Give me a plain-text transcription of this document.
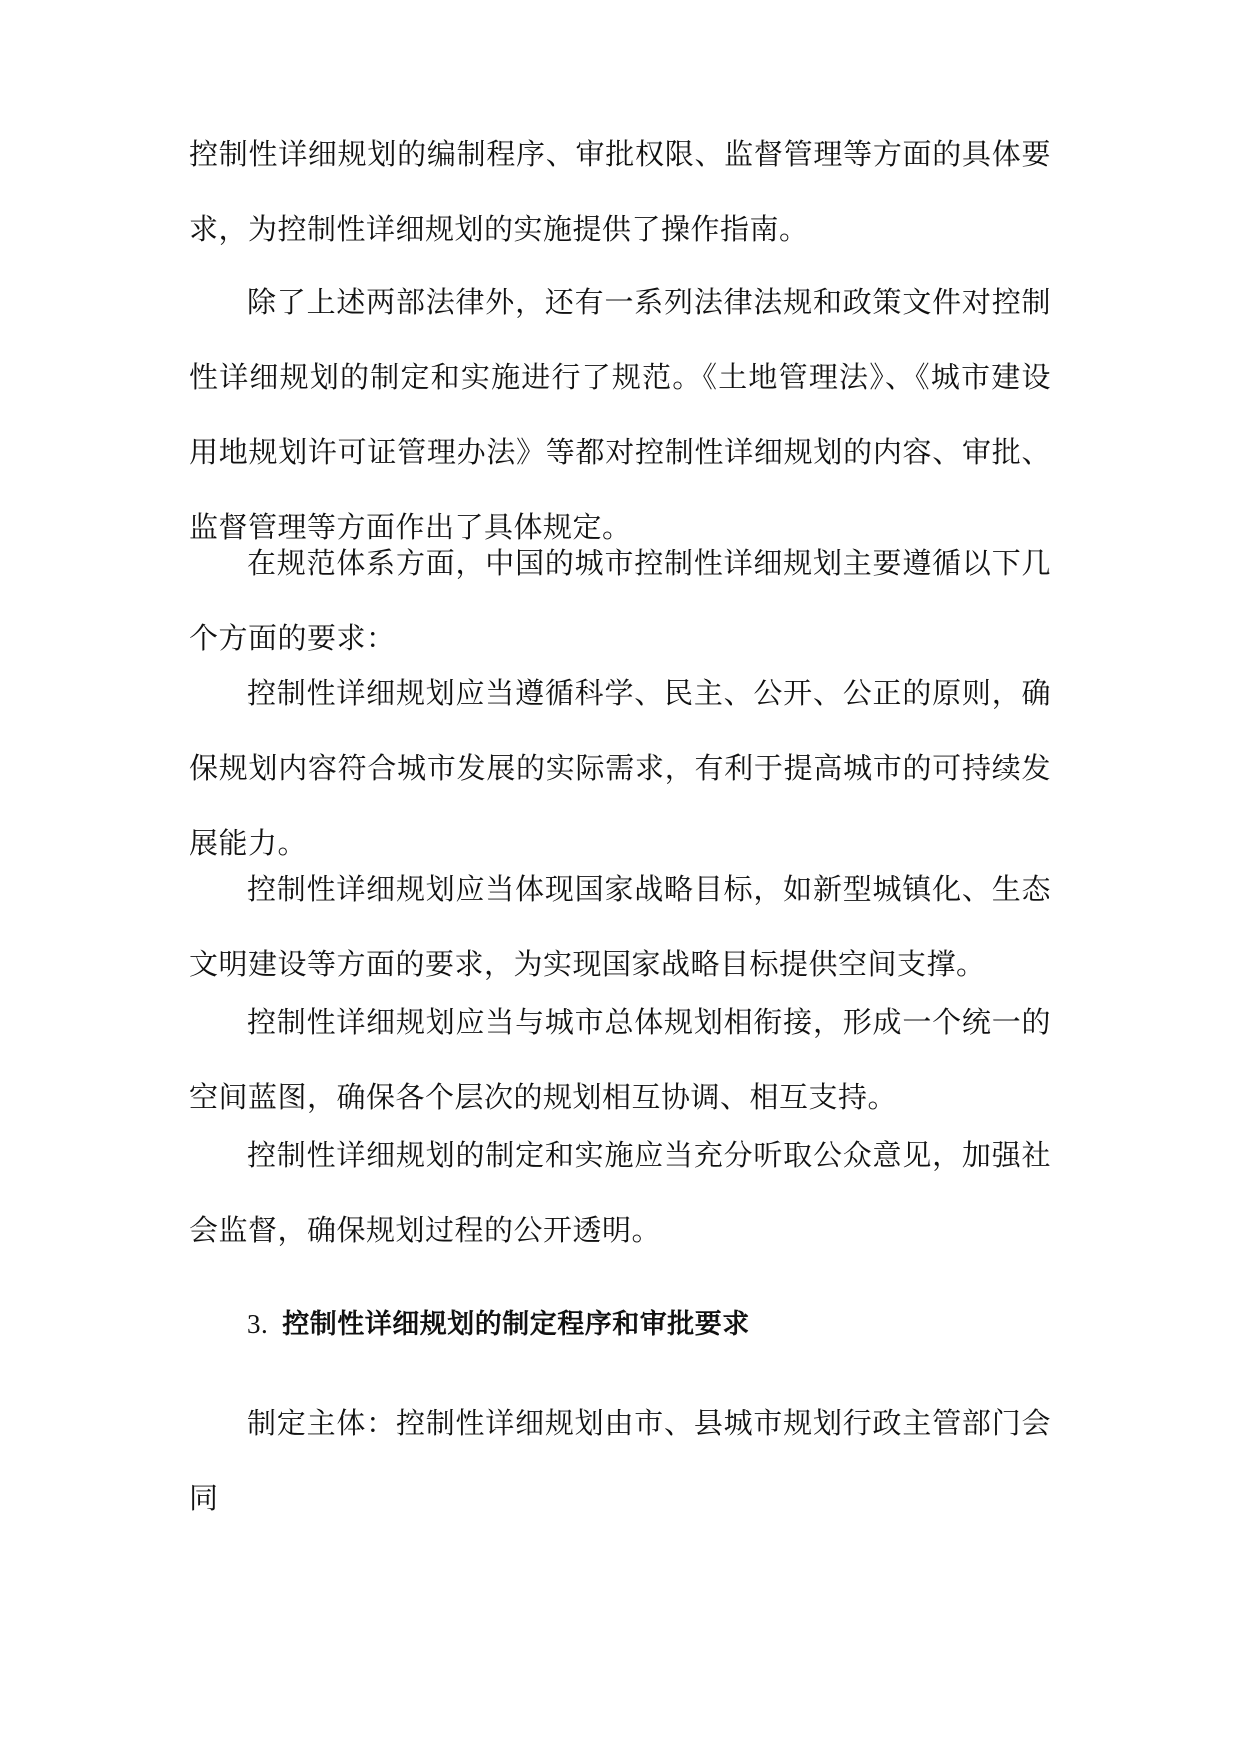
控制性详细规划的编制程序、审批权限、监督管理等方面的具体要求，为控制性详细规划的实施提供了操作指南。

除了上述两部法律外，还有一系列法律法规和政策文件对控制性详细规划的制定和实施进行了规范。《土地管理法》、《城市建设用地规划许可证管理办法》等都对控制性详细规划的内容、审批、监督管理等方面作出了具体规定。

在规范体系方面，中国的城市控制性详细规划主要遵循以下几个方面的要求：

控制性详细规划应当遵循科学、民主、公开、公正的原则，确保规划内容符合城市发展的实际需求，有利于提高城市的可持续发展能力。

控制性详细规划应当体现国家战略目标，如新型城镇化、生态文明建设等方面的要求，为实现国家战略目标提供空间支撑。

控制性详细规划应当与城市总体规划相衔接，形成一个统一的空间蓝图，确保各个层次的规划相互协调、相互支持。

控制性详细规划的制定和实施应当充分听取公众意见，加强社会监督，确保规划过程的公开透明。

3. 控制性详细规划的制定程序和审批要求

制定主体：控制性详细规划由市、县城市规划行政主管部门会同
